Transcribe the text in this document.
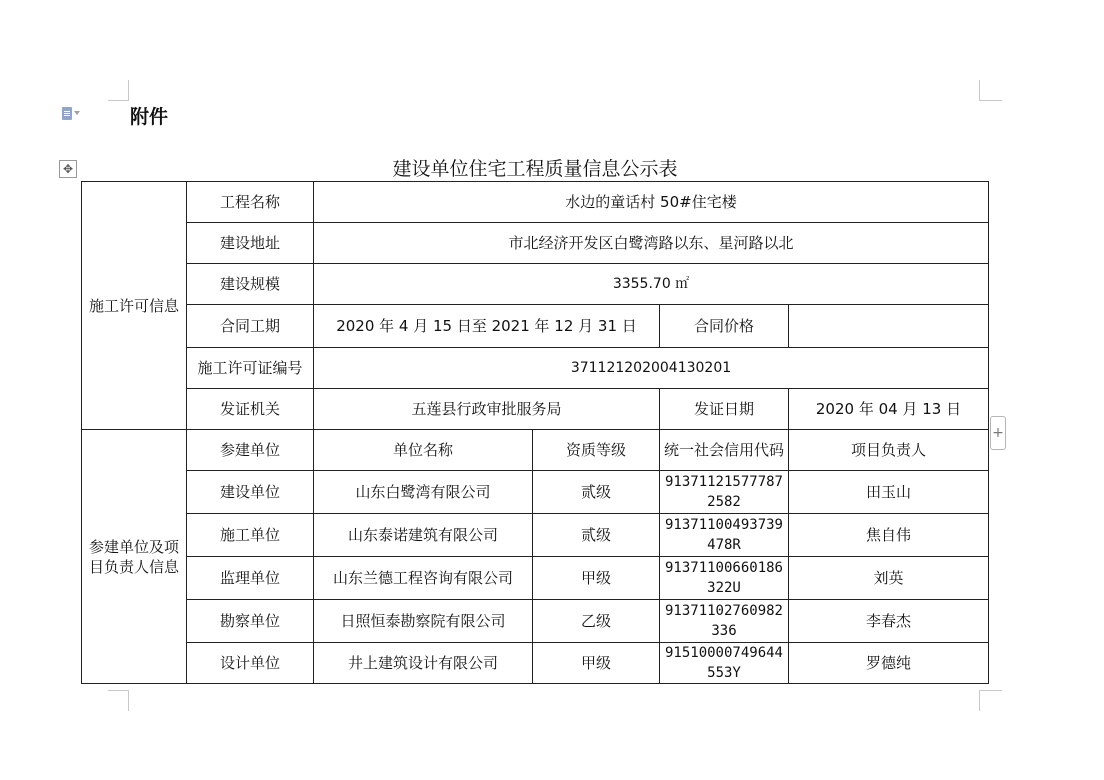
附件
建设单位住宅工程质量信息公示表
✥
+
施工许可信息	工程名称	水边的童话村 50#住宅楼			
	建设地址	市北经济开发区白鹭湾路以东、星河路以北			
	建设规模	3355.70 ㎡			
	合同工期	2020 年 4 月 15 日至 2021 年 12 月 31 日		合同价格	
	施工许可证编号	371121202004130201			
	发证机关	五莲县行政审批服务局		发证日期	2020 年 04 月 13 日
参建单位及项目负责人信息	参建单位	单位名称	资质等级	统一社会信用代码	项目负责人
	建设单位	山东白鹭湾有限公司	贰级	913711215777872582	田玉山
	施工单位	山东泰诺建筑有限公司	贰级	91371100493739478R	焦自伟
	监理单位	山东兰德工程咨询有限公司	甲级	91371100660186322U	刘英
	勘察单位	日照恒泰勘察院有限公司	乙级	91371102760982336	李春杰
	设计单位	井上建筑设计有限公司	甲级	91510000749644553Y	罗德纯
